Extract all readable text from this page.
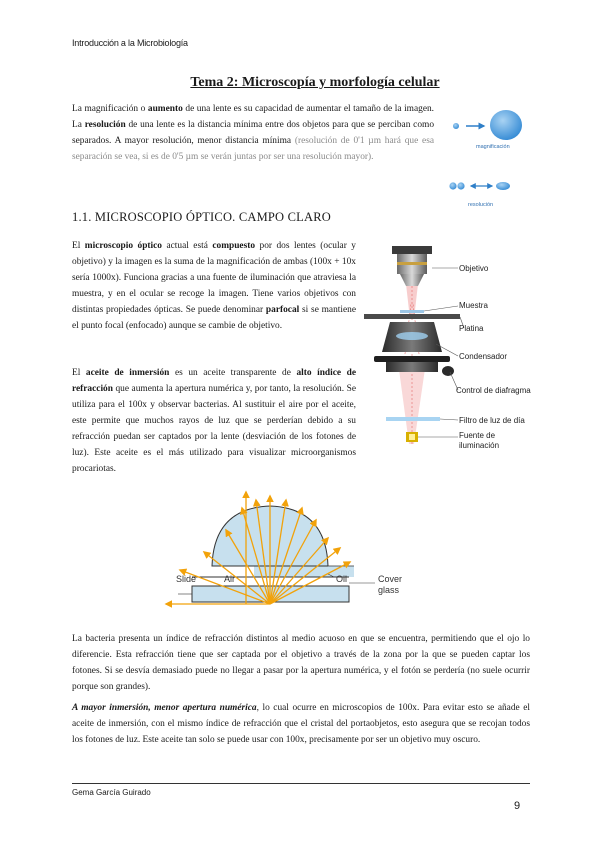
Introducción a la Microbiología
Tema 2: Microscopía y morfología celular
La magnificación o aumento de una lente es su capacidad de aumentar el tamaño de la imagen. La resolución de una lente es la distancia mínima entre dos objetos para que se perciban como separados. A mayor resolución, menor distancia mínima (resolución de 0'1 µm hará que esa separación se vea, si es de 0'5 µm se verán juntas por ser una resolución mayor).
magnificación
resolución
1.1. MICROSCOPIO ÓPTICO. CAMPO CLARO
El microscopio óptico actual está compuesto por dos lentes (ocular y objetivo) y la imagen es la suma de la magnificación de ambas (100x + 10x sería 1000x). Funciona gracias a una fuente de iluminación que atraviesa la muestra, y en el ocular se recoge la imagen. Tiene varios objetivos con distintas propiedades ópticas. Se puede denominar parfocal si se mantiene el punto focal (enfocado) aunque se cambie de objetivo.
Objetivo
Muestra
Platina
Condensador
Control de diafragma
Filtro de luz de día
Fuente de
iluminación
El aceite de inmersión es un aceite transparente de alto índice de refracción que aumenta la apertura numérica y, por tanto, la resolución. Se utiliza para el 100x y observar bacterias. Al sustituir el aire por el aceite, este permite que muchos rayos de luz que se perderían debido a su refracción puedan ser captados por la lente (desviación de los fotones de luz). Este aceite es el más utilizado para visualizar microorganismos procariotas.
Slide	Air	Oil	Cover
glass
La bacteria presenta un índice de refracción distintos al medio acuoso en que se encuentra, permitiendo que el ojo lo diferencie. Esta refracción tiene que ser captada por el objetivo a través de la zona por la que se pueden captar los fotones. Si se desvía demasiado puede no llegar a pasar por la apertura numérica, y el fotón se perdería (no suele ocurrir porque son grandes).
A mayor inmersión, menor apertura numérica, lo cual ocurre en microscopios de 100x. Para evitar esto se añade el aceite de inmersión, con el mismo índice de refracción que el cristal del portaobjetos, esto asegura que se recojan todos los fotones de luz. Este aceite tan solo se puede usar con 100x, precisamente por ser un objetivo muy oscuro.
Gema García Guirado
9
